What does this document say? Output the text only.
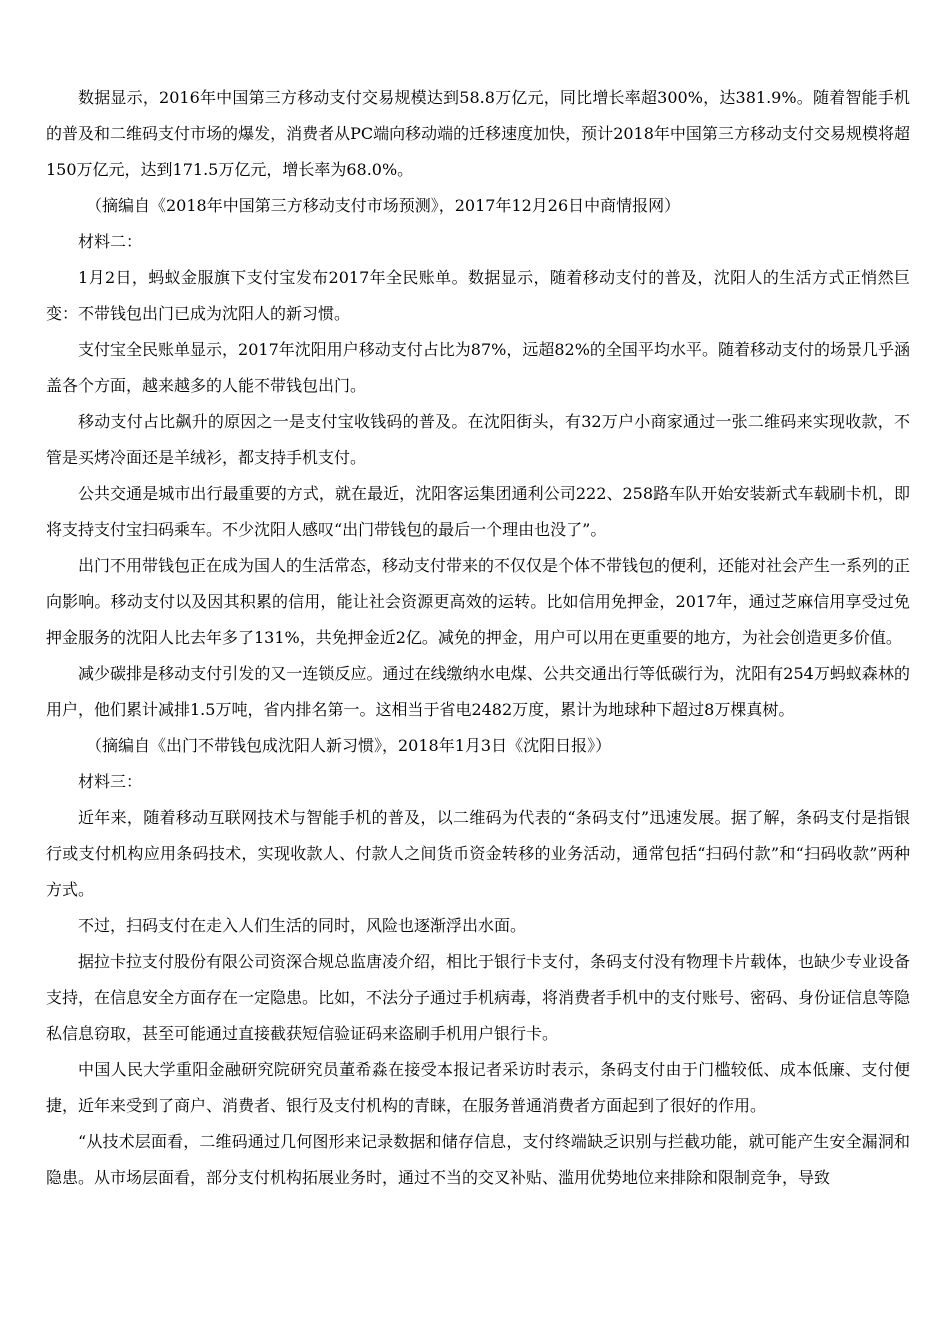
数据显示，2016年中国第三方移动支付交易规模达到58.8万亿元，同比增长率超300%，达381.9%。随着智能手机的普及和二维码支付市场的爆发，消费者从PC端向移动端的迁移速度加快，预计2018年中国第三方移动支付交易规模将超150万亿元，达到171.5万亿元，增长率为68.0%。

（摘编自《2018年中国第三方移动支付市场预测》，2017年12月26日中商情报网）

材料二：

1月2日，蚂蚁金服旗下支付宝发布2017年全民账单。数据显示，随着移动支付的普及，沈阳人的生活方式正悄然巨变：不带钱包出门已成为沈阳人的新习惯。

支付宝全民账单显示，2017年沈阳用户移动支付占比为87%，远超82%的全国平均水平。随着移动支付的场景几乎涵盖各个方面，越来越多的人能不带钱包出门。

移动支付占比飙升的原因之一是支付宝收钱码的普及。在沈阳街头，有32万户小商家通过一张二维码来实现收款，不管是买烤冷面还是羊绒衫，都支持手机支付。

公共交通是城市出行最重要的方式，就在最近，沈阳客运集团通利公司222、258路车队开始安装新式车载刷卡机，即将支持支付宝扫码乘车。不少沈阳人感叹“出门带钱包的最后一个理由也没了”。

出门不用带钱包正在成为国人的生活常态，移动支付带来的不仅仅是个体不带钱包的便利，还能对社会产生一系列的正向影响。移动支付以及因其积累的信用，能让社会资源更高效的运转。比如信用免押金，2017年，通过芝麻信用享受过免押金服务的沈阳人比去年多了131%，共免押金近2亿。减免的押金，用户可以用在更重要的地方，为社会创造更多价值。

减少碳排是移动支付引发的又一连锁反应。通过在线缴纳水电煤、公共交通出行等低碳行为，沈阳有254万蚂蚁森林的用户，他们累计减排1.5万吨，省内排名第一。这相当于省电2482万度，累计为地球种下超过8万棵真树。

（摘编自《出门不带钱包成沈阳人新习惯》，2018年1月3日《沈阳日报》）

材料三：

近年来，随着移动互联网技术与智能手机的普及，以二维码为代表的“条码支付”迅速发展。据了解，条码支付是指银行或支付机构应用条码技术，实现收款人、付款人之间货币资金转移的业务活动，通常包括“扫码付款”和“扫码收款”两种方式。

不过，扫码支付在走入人们生活的同时，风险也逐渐浮出水面。

据拉卡拉支付股份有限公司资深合规总监唐凌介绍，相比于银行卡支付，条码支付没有物理卡片载体，也缺少专业设备支持，在信息安全方面存在一定隐患。比如，不法分子通过手机病毒，将消费者手机中的支付账号、密码、身份证信息等隐私信息窃取，甚至可能通过直接截获短信验证码来盗刷手机用户银行卡。

中国人民大学重阳金融研究院研究员董希淼在接受本报记者采访时表示，条码支付由于门槛较低、成本低廉、支付便捷，近年来受到了商户、消费者、银行及支付机构的青睐，在服务普通消费者方面起到了很好的作用。

“从技术层面看，二维码通过几何图形来记录数据和储存信息，支付终端缺乏识别与拦截功能，就可能产生安全漏洞和隐患。从市场层面看，部分支付机构拓展业务时，通过不当的交叉补贴、滥用优势地位来排除和限制竞争，导致
